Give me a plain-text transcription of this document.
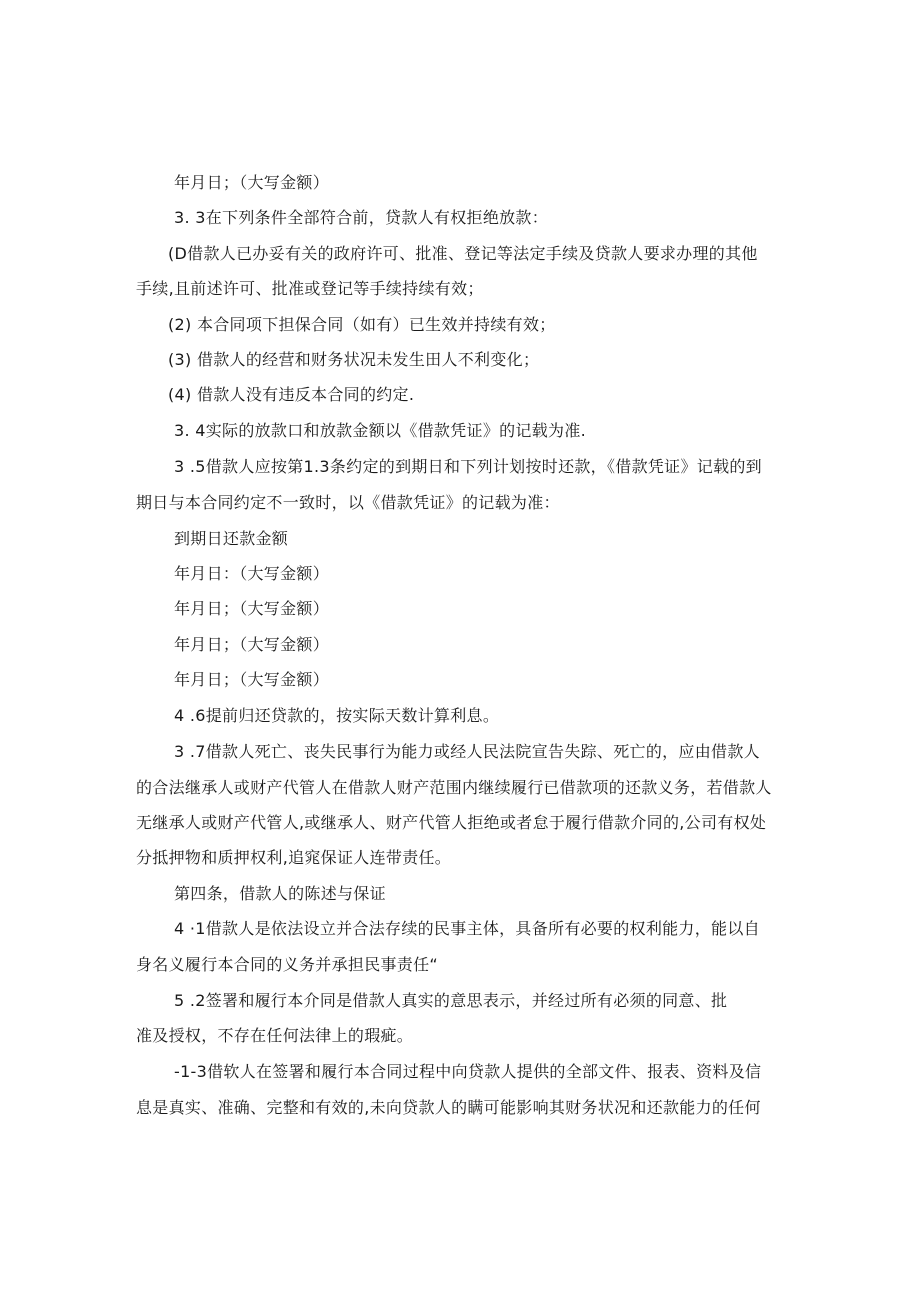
年月日；（大写金额）
3. 3在下列条件全部符合前，贷款人有权拒绝放款：
(D借款人已办妥有关的政府许可、批准、登记等法定手续及贷款人要求办理的其他
手续,且前述许可、批准或登记等手续持续有效；
(2) 本合同项下担保合同（如有）已生效并持续有效；
(3) 借款人的经营和财务状况未发生田人不利变化；
(4) 借款人没有违反本合同的约定.
3. 4实际的放款口和放款金额以《借款凭证》的记载为准.
3 .5借款人应按第1.3条约定的到期日和下列计划按时还款，《借款凭证》记载的到
期日与本合同约定不一致时，以《借款凭证》的记载为准：
到期日还款金额
年月日：（大写金额）
年月日；（大写金额）
年月日；（大写金额）
年月日；（大写金额）
4 .6提前归还贷款的，按实际天数计算利息。
3 .7借款人死亡、丧失民事行为能力或经人民法院宣告失踪、死亡的，应由借款人
的合法继承人或财产代管人在借款人财产范围内继续履行已借款项的还款义务，若借款人
无继承人或财产代管人,或继承人、财产代管人拒绝或者怠于履行借款介同的,公司有权处
分抵押物和质押权利,追窕保证人连带责任。
第四条，借款人的陈述与保证
4 ·1借款人是依法设立并合法存续的民事主体，具备所有必要的权利能力，能以自
身名义履行本合同的义务并承担民事责任“
5 .2签署和履行本介同是借款人真实的意思表示，并经过所有必须的同意、批
准及授权，不存在任何法律上的瑕疵。
-1-3借软人在签署和履行本合同过程中向贷款人提供的全部文件、报表、资料及信
息是真实、准确、完整和有效的,未向贷款人的瞒可能影响其财务状况和还款能力的任何
